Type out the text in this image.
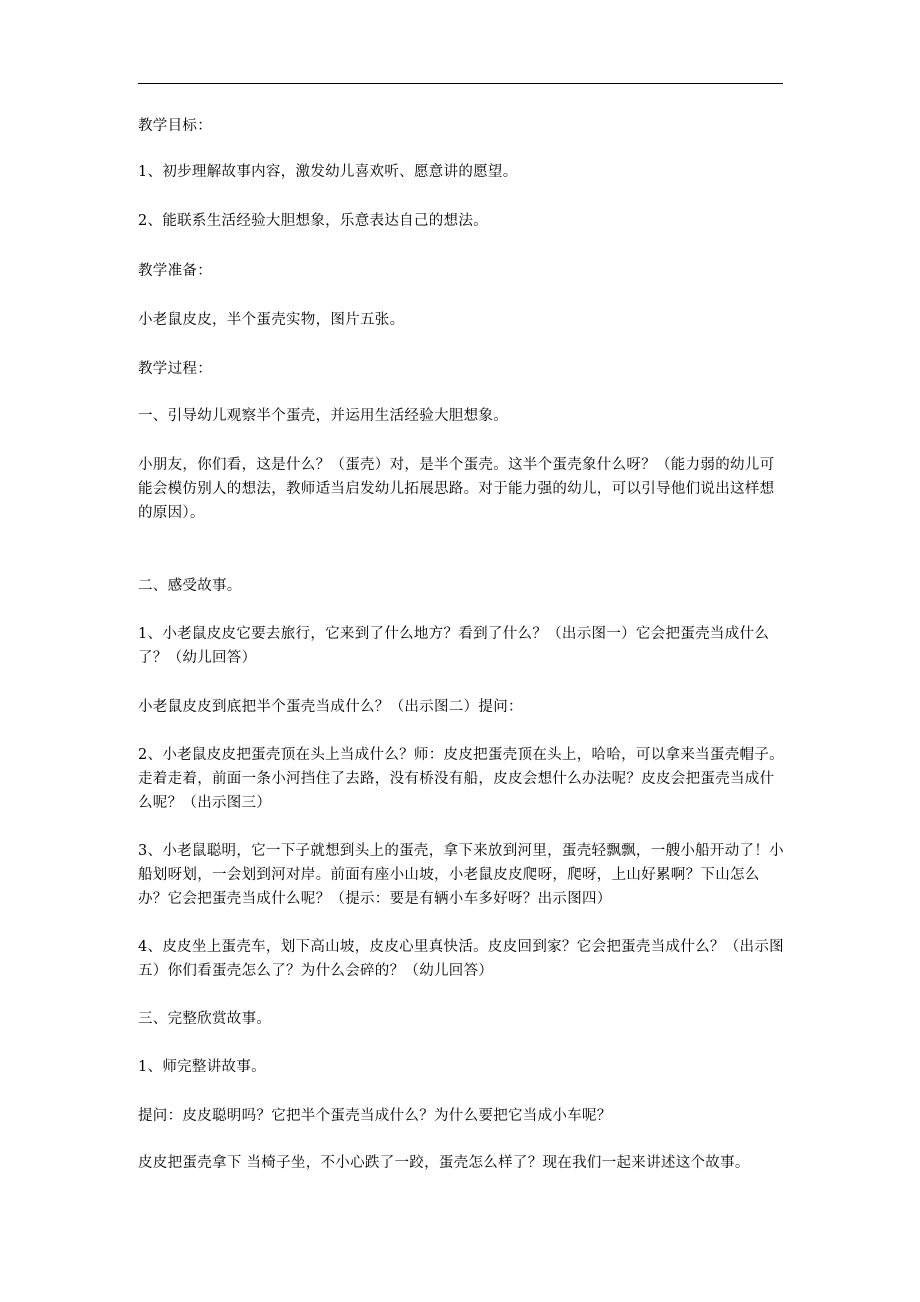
教学目标：

1、初步理解故事内容，激发幼儿喜欢听、愿意讲的愿望。

2、能联系生活经验大胆想象，乐意表达自己的想法。

教学准备：

小老鼠皮皮，半个蛋壳实物，图片五张。

教学过程：

一、引导幼儿观察半个蛋壳，并运用生活经验大胆想象。

小朋友，你们看，这是什么？（蛋壳）对，是半个蛋壳。这半个蛋壳象什么呀？（能力弱的幼儿可能会模仿别人的想法，教师适当启发幼儿拓展思路。对于能力强的幼儿，可以引导他们说出这样想的原因）。

二、感受故事。

1、小老鼠皮皮它要去旅行，它来到了什么地方？看到了什么？（出示图一）它会把蛋壳当成什么了？（幼儿回答）

小老鼠皮皮到底把半个蛋壳当成什么？（出示图二）提问：

2、小老鼠皮皮把蛋壳顶在头上当成什么？师：皮皮把蛋壳顶在头上，哈哈，可以拿来当蛋壳帽子。走着走着，前面一条小河挡住了去路，没有桥没有船，皮皮会想什么办法呢？皮皮会把蛋壳当成什么呢？（出示图三）

3、小老鼠聪明，它一下子就想到头上的蛋壳，拿下来放到河里，蛋壳轻飘飘，一艘小船开动了！小船划呀划，一会划到河对岸。前面有座小山坡，小老鼠皮皮爬呀，爬呀，上山好累啊？下山怎么办？它会把蛋壳当成什么呢？（提示：要是有辆小车多好呀？出示图四）

4、皮皮坐上蛋壳车，划下高山坡，皮皮心里真快活。皮皮回到家？它会把蛋壳当成什么？（出示图五）你们看蛋壳怎么了？为什么会碎的？（幼儿回答）

三、完整欣赏故事。

1、师完整讲故事。

提问：皮皮聪明吗？它把半个蛋壳当成什么？为什么要把它当成小车呢？

皮皮把蛋壳拿下 当椅子坐，不小心跌了一跤，蛋壳怎么样了？现在我们一起来讲述这个故事。
